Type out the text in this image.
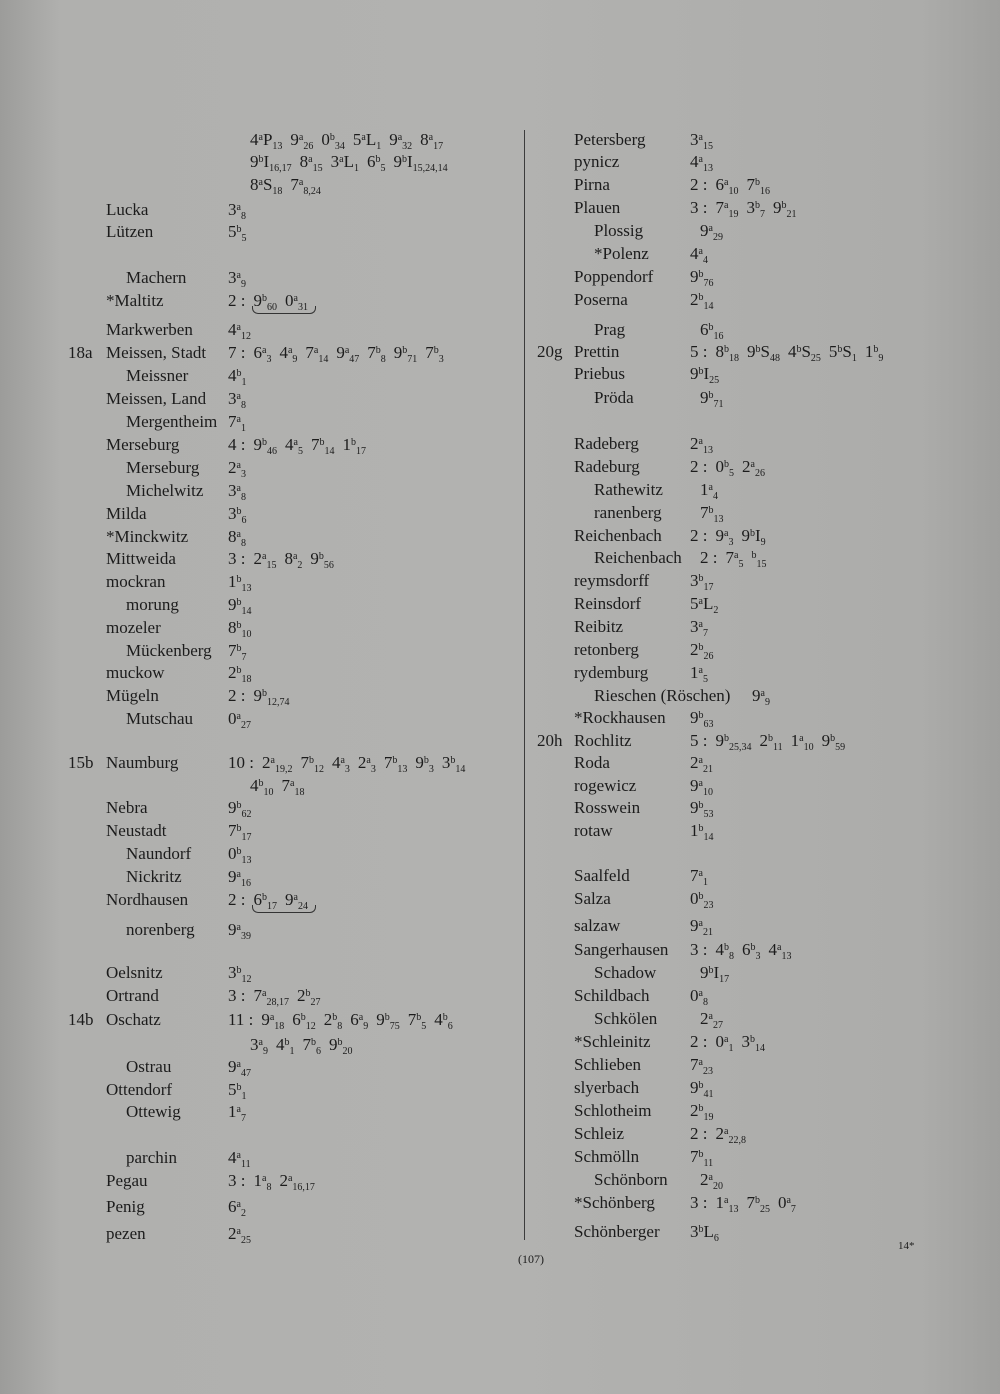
$4^aP_{13}$ $9^a_{26}$ $0^b_{34}$ $5^aL_1$ $9^a_{32}$ $8^a_{17}$
$9^bI_{16,17}$ $8^a_{15}$ $3^aL_1$ $6^b_5$ $9^bI_{15,24,14}$
$8^aS_{18}$ $7^a_{8,24}$
Lucka	$3^a_8$
Lützen	$5^b_5$
Machern $3^a_9$
*Maltitz	2 : $9^b_{60}$ $0^a_{31}$
Markwerben $4^a_{12}$
18a Meissen, Stadt 7 : $6^a_3$ $4^a_9$ $7^a_{14}$ $9^a_{47}$ $7^b_8$ $9^b_{71}$ $7^b_3$
Meissner $4^b_1$
Meissen, Land $3^a_8$
Mergentheim $7^a_1$
Merseburg	4 : $9^b_{46}$ $4^a_5$ $7^b_{14}$ $1^b_{17}$
Merseburg $2^a_3$
Michelwitz $3^a_8$
Milda	$3^b_6$
*Minckwitz $8^a_8$
Mittweida	3 : $2^a_{15}$ $8^a_2$ $9^b_{56}$
mockran	$1^b_{13}$
morung	$9^b_{14}$
mozeler	$8^b_{10}$
Mückenberg $7^b_7$
muckow	$2^b_{18}$
Mügeln	2 : $9^b_{12,74}$
Mutschau $0^a_{27}$
15b Naumburg	10 : $2^a_{19,2}$ $7^b_{12}$ $4^a_3$ $2^a_3$ $7^b_{13}$ $9^b_3$ $3^b_{14}$
$4^b_{10}$ $7^a_{18}$
Nebra	$9^b_{62}$
Neustadt	$7^b_{17}$
Naundorf $0^b_{13}$
Nickritz	$9^a_{16}$
Nordhausen 2 : $6^b_{17}$ $9^a_{24}$
norenberg $9^a_{39}$
Oelsnitz	$3^b_{12}$
Ortrand	3 : $7^a_{28,17}$ $2^b_{27}$
14b Oschatz	11 : $9^a_{18}$ $6^b_{12}$ $2^b_8$ $6^a_9$ $9^b_{75}$ $7^b_5$ $4^b_6$
$3^a_9$ $4^b_1$ $7^b_6$ $9^b_{20}$
Ostrau	$9^a_{47}$
Ottendorf	$5^b_1$
Ottewig	$1^a_7$
parchin	$4^a_{11}$
Pegau	3 : $1^a_8$ $2^a_{16,17}$
Penig	$6^a_2$
pezen	$2^a_{25}$
Petersberg	$3^a_{15}$
pynicz	$4^a_{13}$
Pirna	2 : $6^a_{10}$ $7^b_{16}$
Plauen	3 : $7^a_{19}$ $3^b_7$ $9^b_{21}$
Plossig	$9^a_{29}$
*Polenz $4^a_4$
Poppendorf $9^b_{76}$
Poserna	$2^b_{14}$
Prag	$6^b_{16}$
20g Prettin	5 : $8^b_{18}$ $9^bS_{48}$ $4^bS_{25}$ $5^bS_1$ $1^b_9$
Priebus	$9^bI_{25}$
Pröda	$9^b_{71}$
Radeberg	$2^a_{13}$
Radeburg	2 : $0^b_5$ $2^a_{26}$
Rathewitz $1^a_4$
ranenberg $7^b_{13}$
Reichenbach 2 : $9^a_3$ $9^bI_9$
Reichenbach 2 : $7^a_5^b_{15}$
reymsdorff $3^b_{17}$
Reinsdorf	$5^aL_2$
Reibitz	$3^a_7$
retonberg	$2^b_{26}$
rydemburg $1^a_5$
Rieschen (Röschen) $9^a_9$
*Rockhausen $9^b_{63}$
20h Rochlitz	5 : $9^b_{25,34}$ $2^b_{11}$ $1^a_{10}$ $9^b_{59}$
Roda	$2^a_{21}$
rogewicz	$9^a_{10}$
Rosswein	$9^b_{53}$
rotaw	$1^b_{14}$
Saalfeld	$7^a_1$
Salza	$0^b_{23}$
salzaw	$9^a_{21}$
Sangerhausen 3 : $4^b_8$ $6^b_3$ $4^a_{13}$
Schadow	$9^bI_{17}$
Schildbach $0^a_8$
Schkölen	$2^a_{27}$
*Schleinitz 2 : $0^a_1$ $3^b_{14}$
Schlieben	$7^a_{23}$
slyerbach	$9^b_{41}$
Schlotheim $2^b_{19}$
Schleiz	2 : $2^a_{22,8}$
Schmölln	$7^b_{11}$
Schönborn $2^a_{20}$
*Schönberg 3 : $1^a_{13}$ $7^b_{25}$ $0^a_7$
Schönberger $3^bL_6$
(107)
14*
